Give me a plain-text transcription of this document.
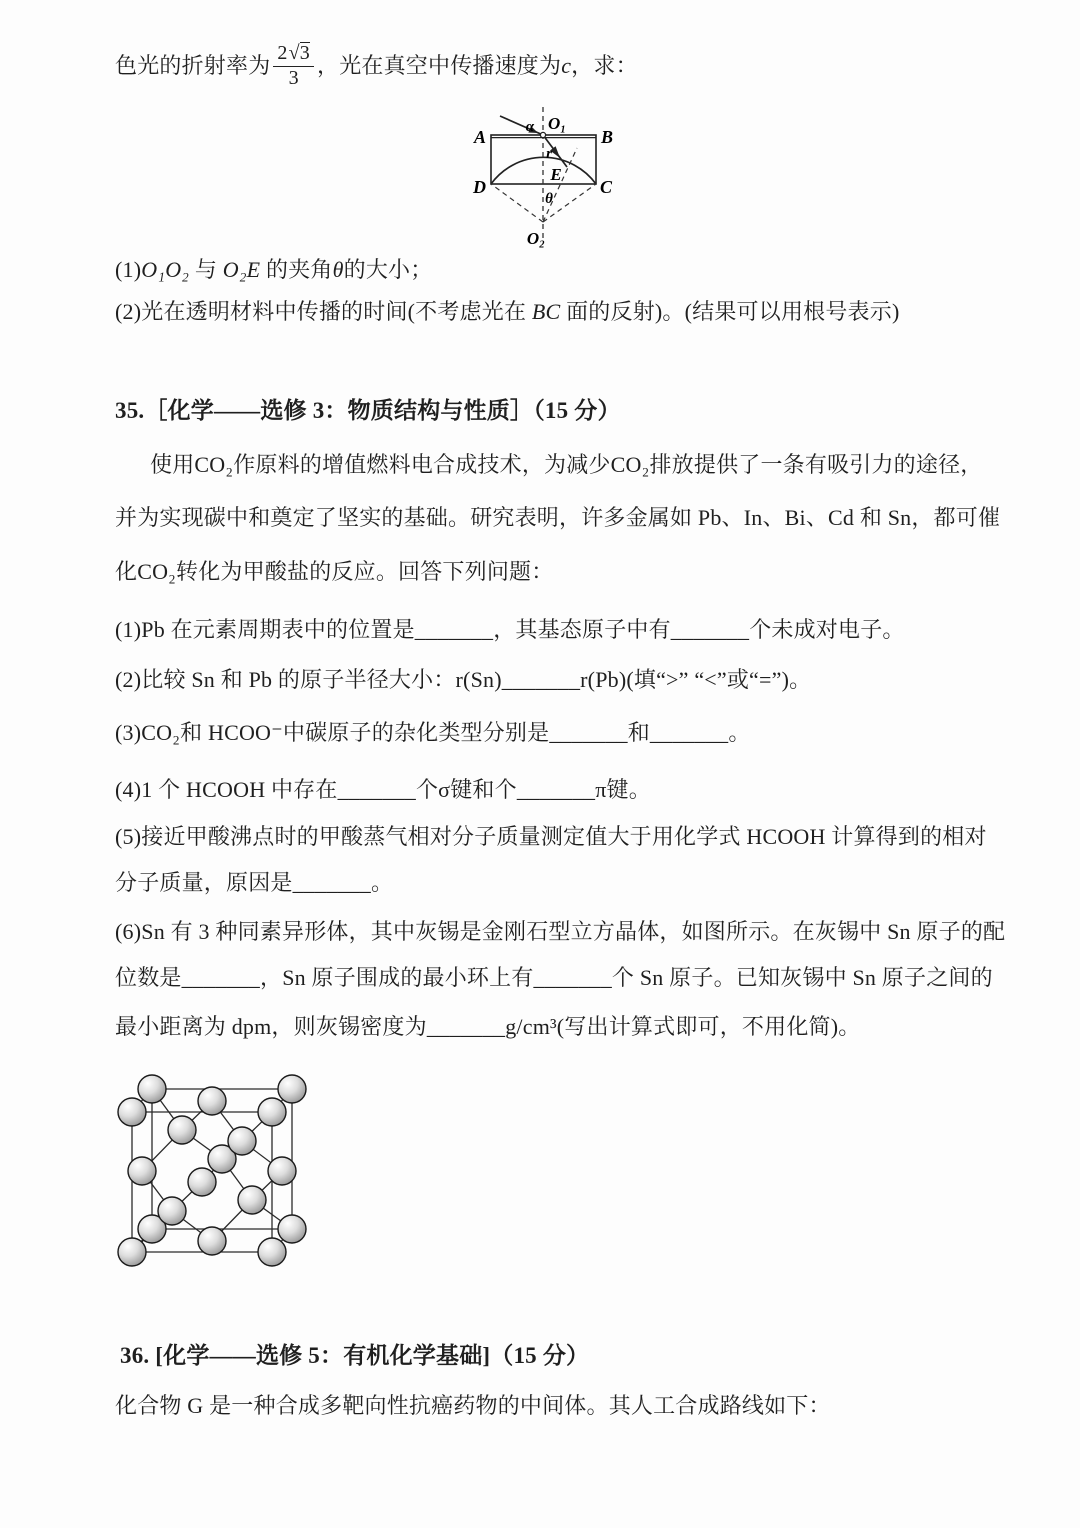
色光的折射率为 $\frac{2 √ 3}{3}$ ，光在真空中传播速度为 c ，求：
A	B
D	C
O₁
O₂
α
r
E
θ
(1)O₁O₂ 与 O₂E 的夹角θ的大小；
(2)光在透明材料中传播的时间(不考虑光在 BC 面的反射)。(结果可以用根号表示)
35.［化学——选修 3：物质结构与性质］（15 分）
使用CO₂作原料的增值燃料电合成技术，为减少CO₂排放提供了一条有吸引力的途径，
并为实现碳中和奠定了坚实的基础。研究表明，许多金属如 Pb、In、Bi、Cd 和 Sn，都可催
化CO₂转化为甲酸盐的反应。回答下列问题：
(1)Pb 在元素周期表中的位置是_______，其基态原子中有_______个未成对电子。
(2)比较 Sn 和 Pb 的原子半径大小：r(Sn)_______r(Pb)(填“>” “<”或“=”)。
(3)CO₂和 HCOO⁻中碳原子的杂化类型分别是_______和_______。
(4)1 个 HCOOH 中存在_______个σ键和个_______π键。
(5)接近甲酸沸点时的甲酸蒸气相对分子质量测定值大于用化学式 HCOOH 计算得到的相对
分子质量，原因是_______。
(6)Sn 有 3 种同素异形体，其中灰锡是金刚石型立方晶体，如图所示。在灰锡中 Sn 原子的配
位数是_______，Sn 原子围成的最小环上有_______个 Sn 原子。已知灰锡中 Sn 原子之间的
最小距离为 dpm，则灰锡密度为_______g/cm³(写出计算式即可，不用化简)。
36. [化学——选修 5：有机化学基础]（15 分）
化合物 G 是一种合成多靶向性抗癌药物的中间体。其人工合成路线如下：
